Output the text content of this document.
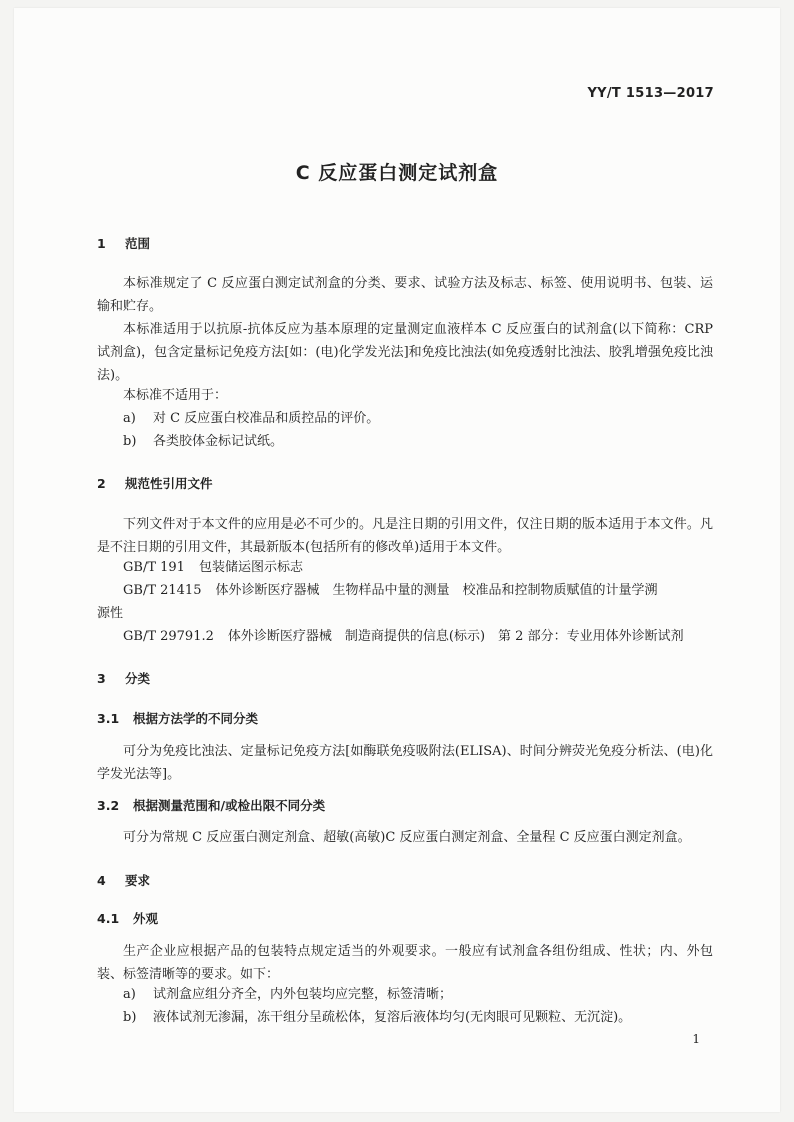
YY/T 1513—2017
C 反应蛋白测定试剂盒
1 范围
本标准规定了 C 反应蛋白测定试剂盒的分类、要求、试验方法及标志、标签、使用说明书、包装、运输和贮存。
本标准适用于以抗原-抗体反应为基本原理的定量测定血液样本 C 反应蛋白的试剂盒(以下简称：CRP 试剂盒)，包含定量标记免疫方法[如：(电)化学发光法]和免疫比浊法(如免疫透射比浊法、胶乳增强免疫比浊法)。
本标准不适用于：
a) 对 C 反应蛋白校准品和质控品的评价。
b) 各类胶体金标记试纸。
2 规范性引用文件
下列文件对于本文件的应用是必不可少的。凡是注日期的引用文件，仅注日期的版本适用于本文件。凡是不注日期的引用文件，其最新版本(包括所有的修改单)适用于本文件。
GB/T 191 包装储运图示标志
GB/T 21415 体外诊断医疗器械　生物样品中量的测量　校准品和控制物质赋值的计量学溯
源性
GB/T 29791.2 体外诊断医疗器械　制造商提供的信息(标示)　第 2 部分：专业用体外诊断试剂
3 分类
3.1 根据方法学的不同分类
可分为免疫比浊法、定量标记免疫方法[如酶联免疫吸附法(ELISA)、时间分辨荧光免疫分析法、(电)化学发光法等]。
3.2 根据测量范围和/或检出限不同分类
可分为常规 C 反应蛋白测定剂盒、超敏(高敏)C 反应蛋白测定剂盒、全量程 C 反应蛋白测定剂盒。
4 要求
4.1 外观
生产企业应根据产品的包装特点规定适当的外观要求。一般应有试剂盒各组份组成、性状；内、外包装、标签清晰等的要求。如下：
a) 试剂盒应组分齐全，内外包装均应完整，标签清晰；
b) 液体试剂无渗漏，冻干组分呈疏松体，复溶后液体均匀(无肉眼可见颗粒、无沉淀)。
1
